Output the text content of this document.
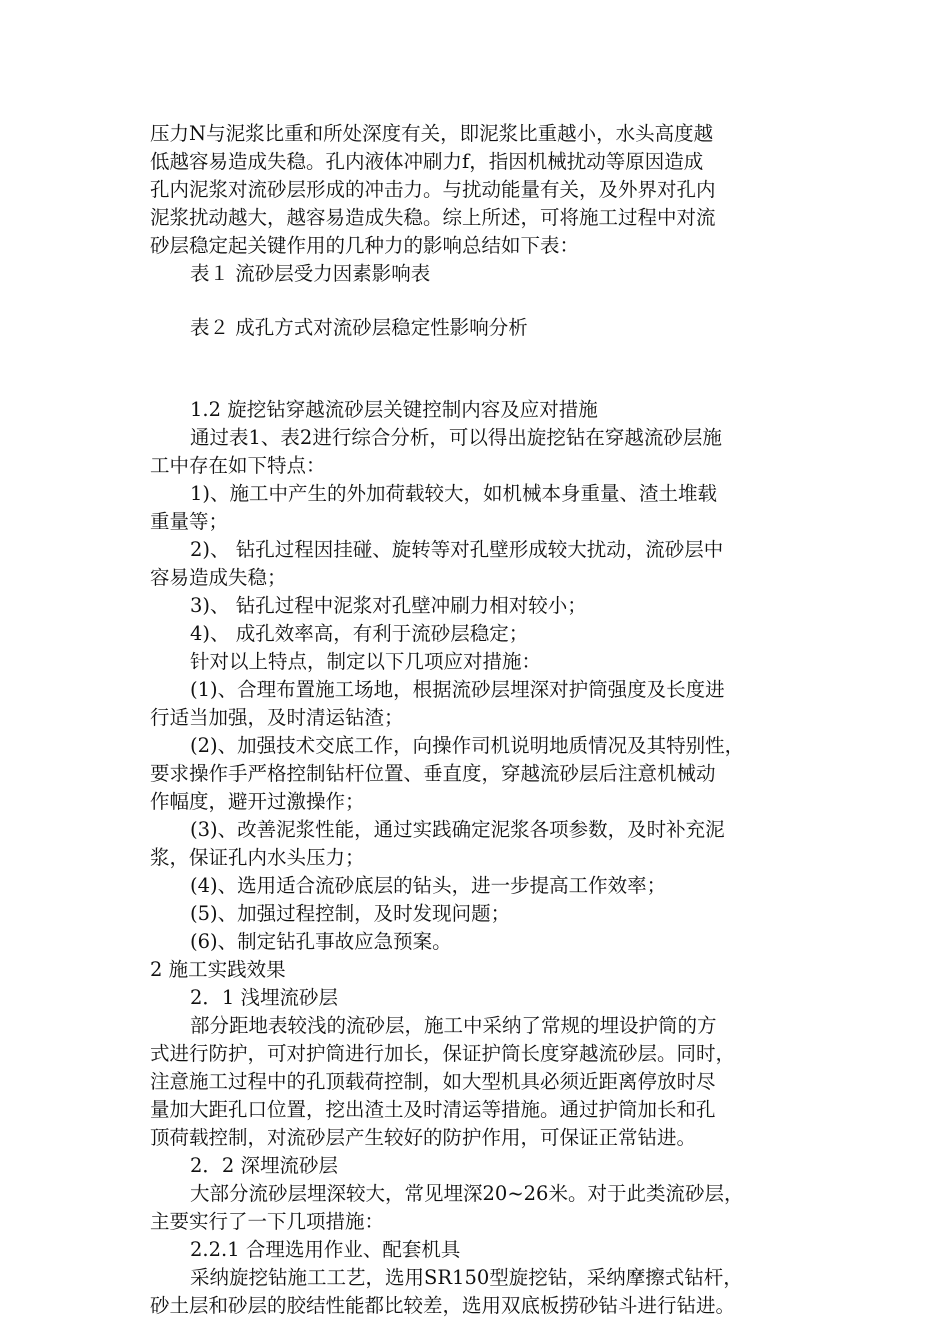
压力N与泥浆比重和所处深度有关，即泥浆比重越小，水头高度越
低越容易造成失稳。孔内液体冲刷力f，指因机械扰动等原因造成
孔内泥浆对流砂层形成的冲击力。与扰动能量有关，及外界对孔内
泥浆扰动越大，越容易造成失稳。综上所述，可将施工过程中对流
砂层稳定起关键作用的几种力的影响总结如下表：
表１ 流砂层受力因素影响表
表２ 成孔方式对流砂层稳定性影响分析
1.2 旋挖钻穿越流砂层关键控制内容及应对措施
通过表1、表2进行综合分析，可以得出旋挖钻在穿越流砂层施
工中存在如下特点：
1)、施工中产生的外加荷载较大，如机械本身重量、渣土堆载
重量等；
2)、 钻孔过程因挂碰、旋转等对孔壁形成较大扰动，流砂层中
容易造成失稳；
3)、 钻孔过程中泥浆对孔壁冲刷力相对较小；
4)、 成孔效率高，有利于流砂层稳定；
针对以上特点，制定以下几项应对措施：
(1)、合理布置施工场地，根据流砂层埋深对护筒强度及长度进
行适当加强，及时清运钻渣；
(2)、加强技术交底工作，向操作司机说明地质情况及其特别性，
要求操作手严格控制钻杆位置、垂直度，穿越流砂层后注意机械动
作幅度，避开过激操作；
(3)、改善泥浆性能，通过实践确定泥浆各项参数，及时补充泥
浆，保证孔内水头压力；
(4)、选用适合流砂底层的钻头，进一步提高工作效率；
(5)、加强过程控制，及时发现问题；
(6)、制定钻孔事故应急预案。
2 施工实践效果
2．1 浅埋流砂层
部分距地表较浅的流砂层，施工中采纳了常规的埋设护筒的方
式进行防护，可对护筒进行加长，保证护筒长度穿越流砂层。同时，
注意施工过程中的孔顶载荷控制，如大型机具必须近距离停放时尽
量加大距孔口位置，挖出渣土及时清运等措施。通过护筒加长和孔
顶荷载控制，对流砂层产生较好的防护作用，可保证正常钻进。
2．2 深埋流砂层
大部分流砂层埋深较大，常见埋深20~26米。对于此类流砂层，
主要实行了一下几项措施：
2.2.1 合理选用作业、配套机具
采纳旋挖钻施工工艺，选用SR150型旋挖钻，采纳摩擦式钻杆，
砂土层和砂层的胶结性能都比较差，选用双底板捞砂钻斗进行钻进。
